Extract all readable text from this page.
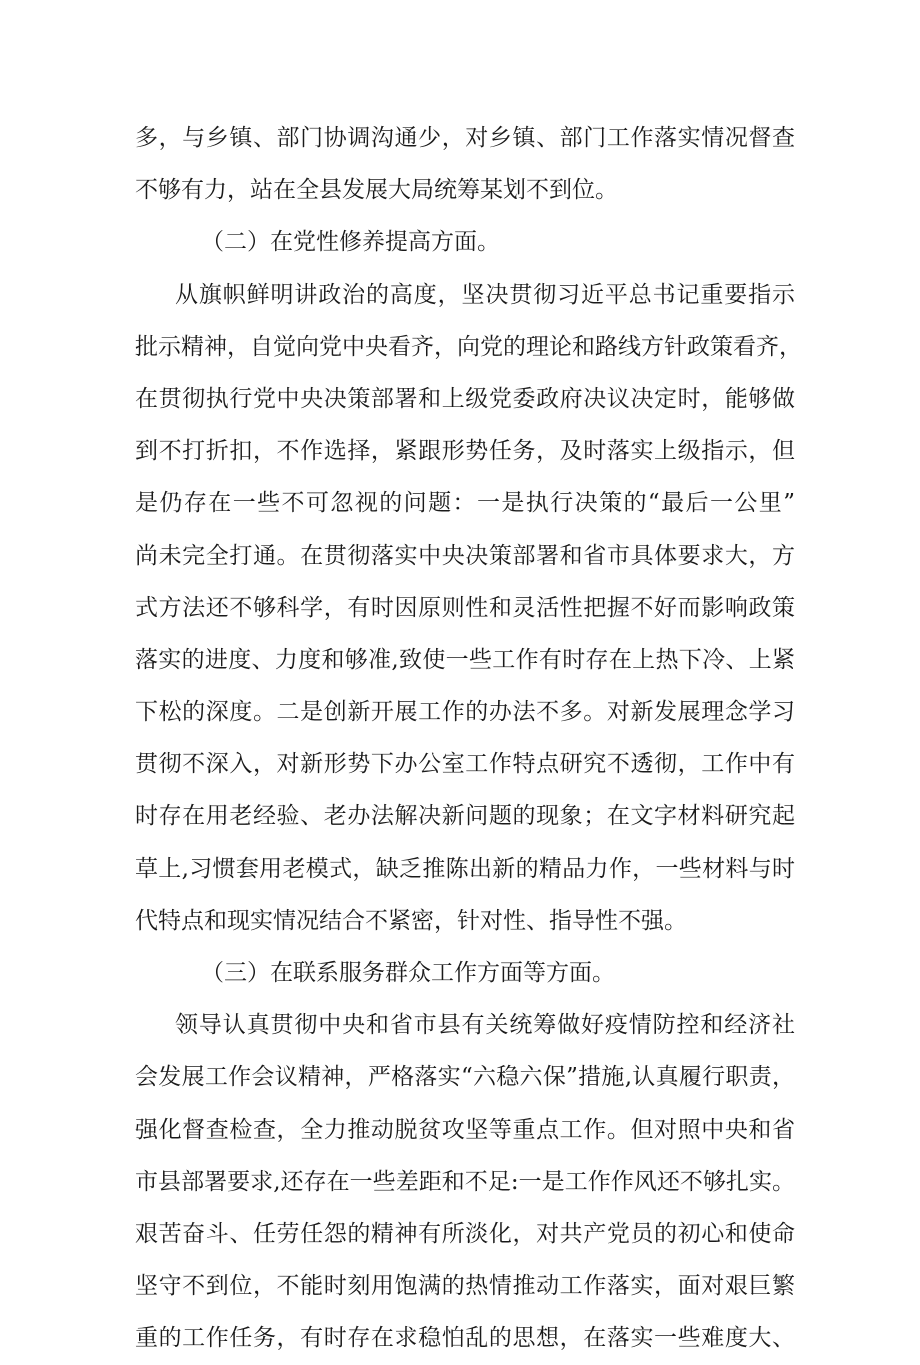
多，与乡镇、部门协调沟通少，对乡镇、部门工作落实情况督查
不够有力，站在全县发展大局统筹某划不到位。
（二）在党性修养提高方面。
从旗帜鲜明讲政治的高度，坚决贯彻习近平总书记重要指示
批示精神，自觉向党中央看齐，向党的理论和路线方针政策看齐，
在贯彻执行党中央决策部署和上级党委政府决议决定时，能够做
到不打折扣，不作选择，紧跟形势任务，及时落实上级指示，但
是仍存在一些不可忽视的问题：一是执行决策的“最后一公里”
尚未完全打通。在贯彻落实中央决策部署和省市具体要求大，方
式方法还不够科学，有时因原则性和灵活性把握不好而影响政策
落实的进度、力度和够准,致使一些工作有时存在上热下冷、上紧
下松的深度。二是创新开展工作的办法不多。对新发展理念学习
贯彻不深入，对新形势下办公室工作特点研究不透彻，工作中有
时存在用老经验、老办法解决新问题的现象；在文字材料研究起
草上,习惯套用老模式，缺乏推陈出新的精品力作，一些材料与时
代特点和现实情况结合不紧密，针对性、指导性不强。
（三）在联系服务群众工作方面等方面。
领导认真贯彻中央和省市县有关统筹做好疫情防控和经济社
会发展工作会议精神，严格落实“六稳六保”措施,认真履行职责，
强化督查检查，全力推动脱贫攻坚等重点工作。但对照中央和省
市县部署要求,还存在一些差距和不足:一是工作作风还不够扎实。
艰苦奋斗、任劳任怨的精神有所淡化，对共产党员的初心和使命
坚守不到位，不能时刻用饱满的热情推动工作落实，面对艰巨繁
重的工作任务，有时存在求稳怕乱的思想，在落实一些难度大、
